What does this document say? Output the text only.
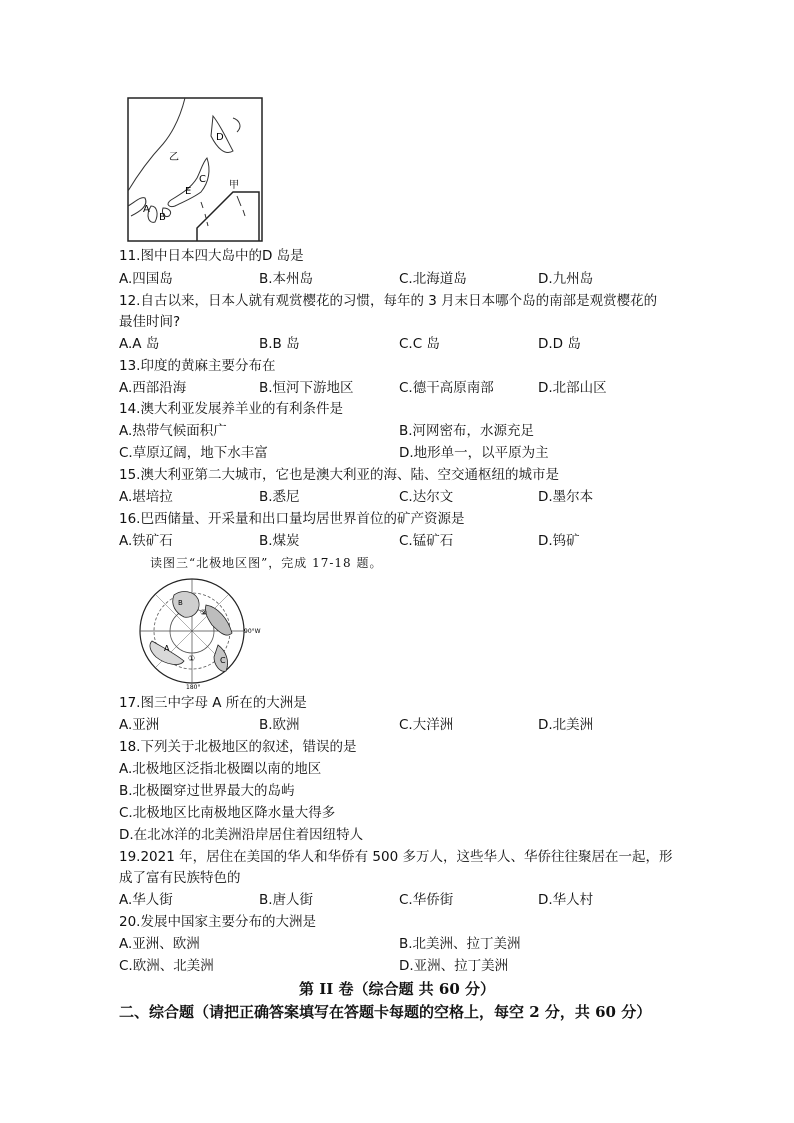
乙
甲
D
C
E
A
B
11.图中日本四大岛中的D 岛是
A.四国岛	B.本州岛	C.北海道岛	D.九州岛
12.自古以来，日本人就有观赏樱花的习惯，每年的 3 月末日本哪个岛的南部是观赏樱花的
最佳时间?
A.A 岛	B.B 岛	C.C 岛	D.D 岛
13.印度的黄麻主要分布在
A.西部沿海	B.恒河下游地区	C.德干高原南部	D.北部山区
14.澳大利亚发展养羊业的有利条件是
A.热带气候面积广	B.河网密布，水源充足
C.草原辽阔，地下水丰富	D.地形单一，以平原为主
15.澳大利亚第二大城市，它也是澳大利亚的海、陆、空交通枢纽的城市是
A.堪培拉	B.悉尼	C.达尔文	D.墨尔本
16.巴西储量、开采量和出口量均居世界首位的矿产资源是
A.铁矿石	B.煤炭	C.锰矿石	D.钨矿
读图三“北极地区图”，完成 17-18 题。
B
②
①
A
C
90°W
180°
17.图三中字母 A 所在的大洲是
A.亚洲	B.欧洲	C.大洋洲	D.北美洲
18.下列关于北极地区的叙述，错误的是
A.北极地区泛指北极圈以南的地区
B.北极圈穿过世界最大的岛屿
C.北极地区比南极地区降水量大得多
D.在北冰洋的北美洲沿岸居住着因纽特人
19.2021 年，居住在美国的华人和华侨有 500 多万人，这些华人、华侨往往聚居在一起，形
成了富有民族特色的
A.华人街	B.唐人街	C.华侨街	D.华人村
20.发展中国家主要分布的大洲是
A.亚洲、欧洲	B.北美洲、拉丁美洲
C.欧洲、北美洲	D.亚洲、拉丁美洲
第 II 卷（综合题 共 60 分）
二、综合题（请把正确答案填写在答题卡每题的空格上，每空 2 分，共 60 分）
